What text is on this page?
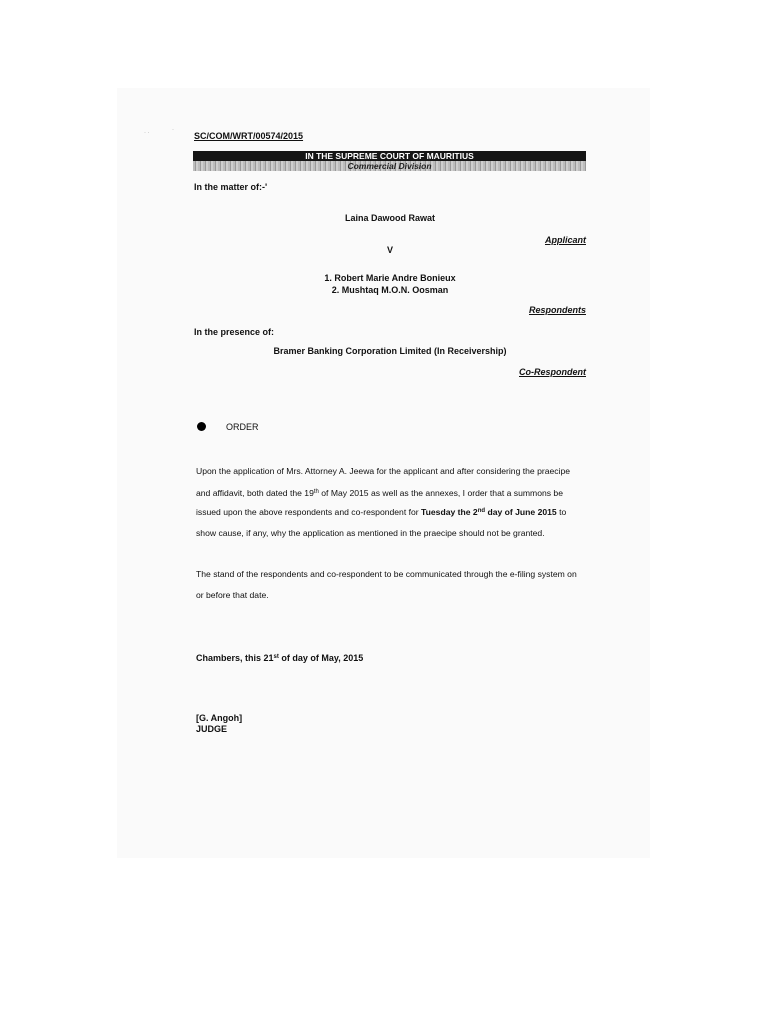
· ·	·
SC/COM/WRT/00574/2015
IN THE SUPREME COURT OF MAURITIUS
Commercial Division
In the matter of:-'
Laina Dawood Rawat
Applicant
V
1. Robert Marie Andre Bonieux
2. Mushtaq M.O.N. Oosman
Respondents
In the presence of:
Bramer Banking Corporation Limited (In Receivership)
Co-Respondent
ORDER
Upon the application of Mrs. Attorney A. Jeewa for the applicant and after considering the praecipe
and affidavit, both dated the 19th of May 2015 as well as the annexes, I order that a summons be
issued upon the above respondents and co-respondent for Tuesday the 2nd day of June 2015 to
show cause, if any, why the application as mentioned in the praecipe should not be granted.
The stand of the respondents and co-respondent to be communicated through the e-filing system on
or before that date.
Chambers, this 21st of day of May, 2015
[G. Angoh]
JUDGE
